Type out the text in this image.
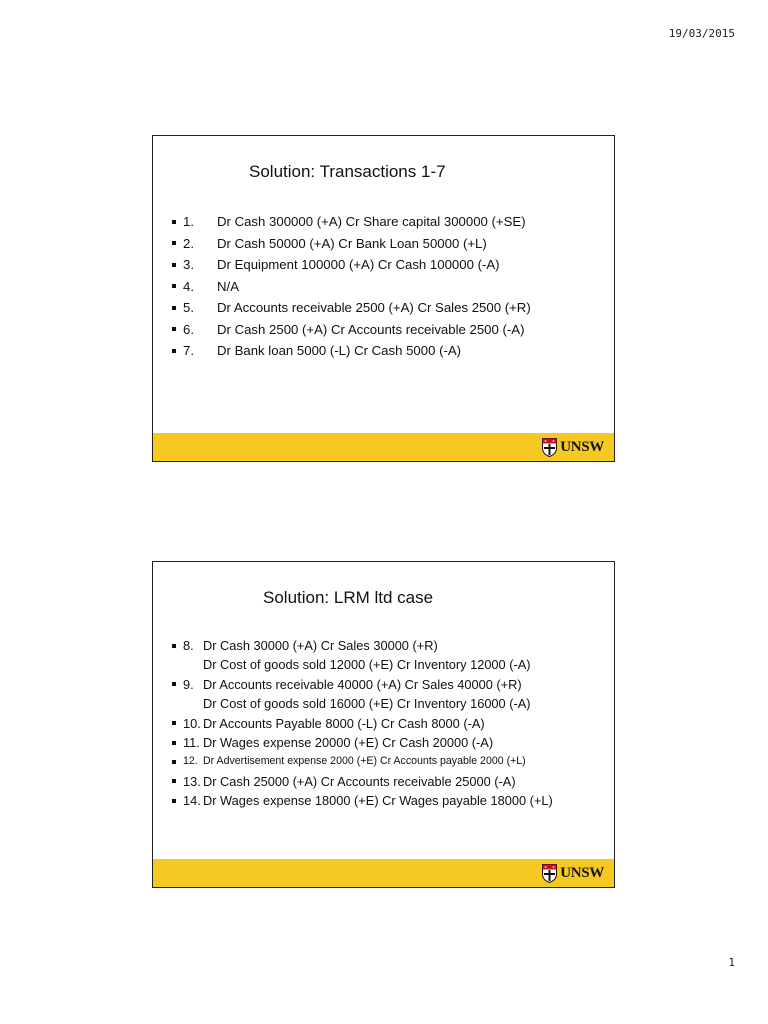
19/03/2015
Solution: Transactions 1-7
1. Dr Cash 300000 (+A) Cr Share capital 300000 (+SE)
2. Dr Cash 50000 (+A) Cr Bank Loan 50000 (+L)
3. Dr Equipment 100000 (+A) Cr Cash 100000 (-A)
4. N/A
5. Dr Accounts receivable 2500 (+A) Cr Sales 2500 (+R)
6. Dr Cash 2500 (+A) Cr Accounts receivable 2500 (-A)
7. Dr Bank loan 5000 (-L) Cr Cash 5000 (-A)
UNSW
Solution: LRM ltd case
8. Dr Cash 30000 (+A) Cr Sales 30000 (+R)
Dr Cost of goods sold 12000 (+E) Cr Inventory 12000 (-A)
9. Dr Accounts receivable 40000 (+A) Cr Sales 40000 (+R)
Dr Cost of goods sold 16000 (+E) Cr Inventory 16000 (-A)
10. Dr Accounts Payable 8000 (-L) Cr Cash 8000 (-A)
11. Dr Wages expense 20000 (+E) Cr Cash 20000 (-A)
12. Dr Advertisement expense 2000 (+E) Cr Accounts payable 2000 (+L)
13. Dr Cash 25000 (+A) Cr Accounts receivable 25000 (-A)
14. Dr Wages expense 18000 (+E) Cr Wages payable 18000 (+L)
UNSW
1
